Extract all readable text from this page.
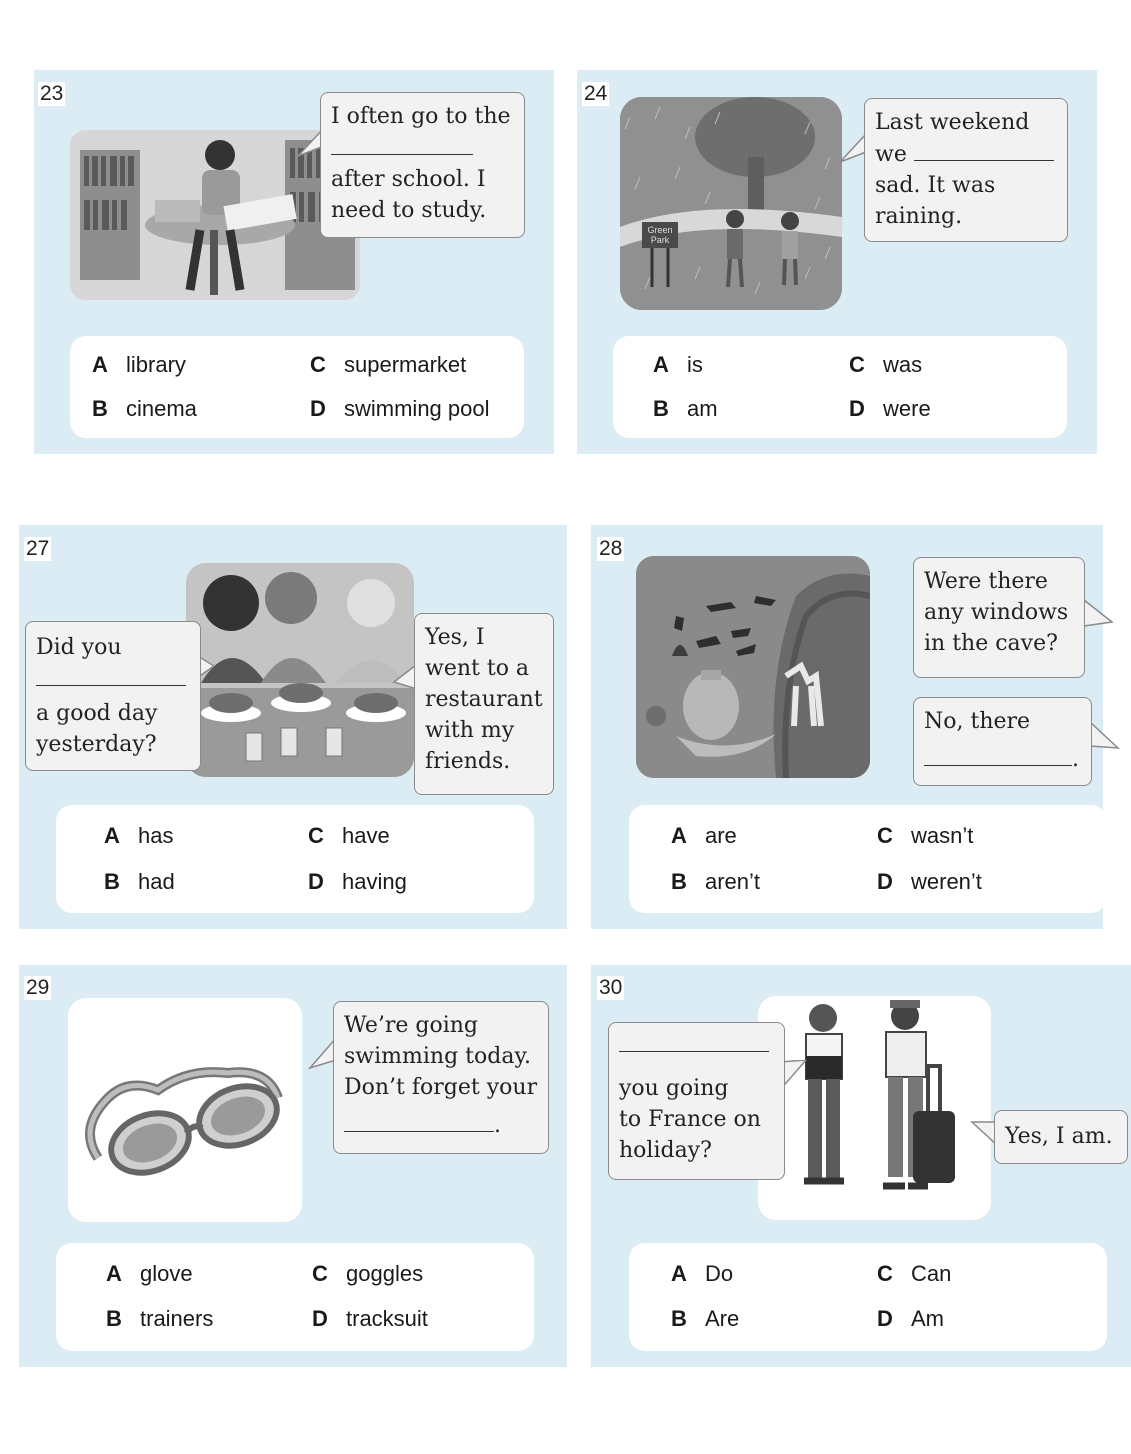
23
I often go to the
after school. I
need to study.
A library
B cinema
C supermarket
D swimming pool
24
Green
Park
Last weekend
we
sad. It was
raining.
A is
B am
C was
D were
27
Did you
a good day
yesterday?
Yes, I
went to a
restaurant
with my
friends.
A has
B had
C have
D having
28
Were there
any windows
in the cave?
No, there
.
A are
B aren’t
C wasn’t
D weren’t
29
We’re going
swimming today.
Don’t forget your
.
A glove
B trainers
C goggles
D tracksuit
30
you going
to France on
holiday?
Yes, I am.
A Do
B Are
C Can
D Am
